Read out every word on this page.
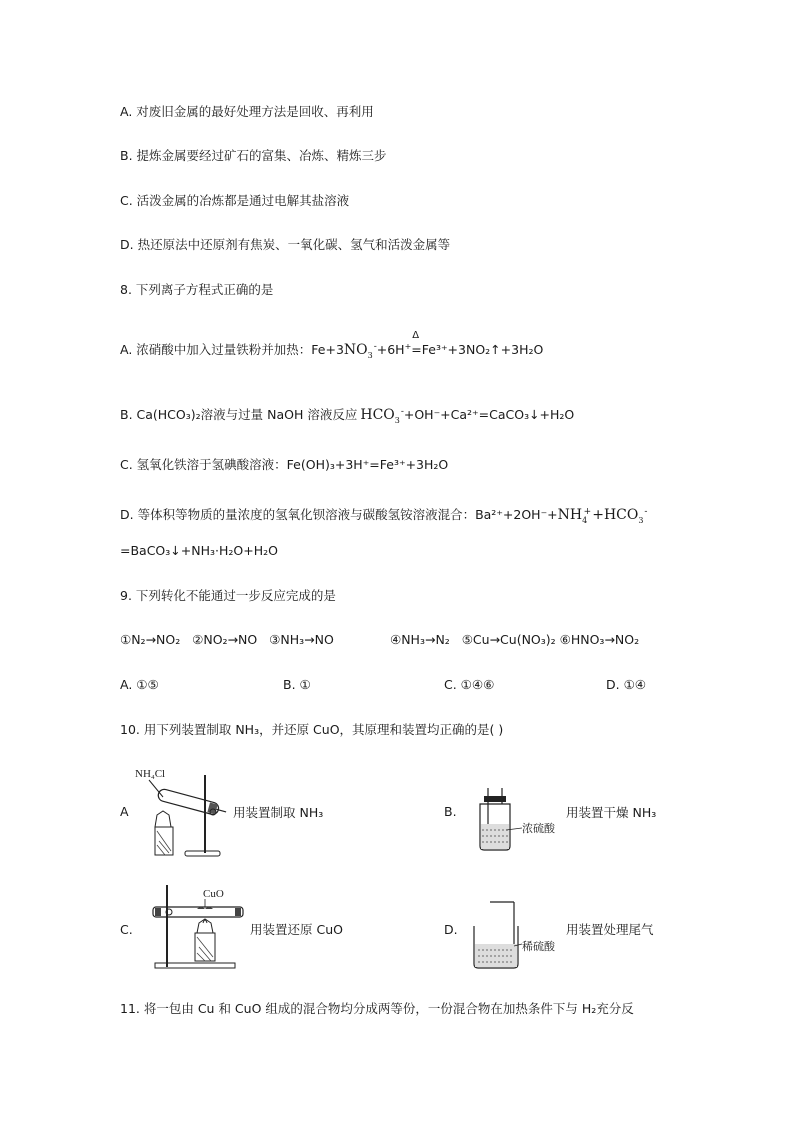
A. 对废旧金属的最好处理方法是回收、再利用
B. 提炼金属要经过矿石的富集、冶炼、精炼三步
C. 活泼金属的冶炼都是通过电解其盐溶液
D. 热还原法中还原剂有焦炭、一氧化碳、氢气和活泼金属等
8. 下列离子方程式正确的是
A. 浓硝酸中加入过量铁粉并加热：$Fe+3NO_3$
- +6H+
Δ
=Fe³⁺+3NO₂↑+3H₂O
B. Ca(HCO₃)₂溶液与过量 NaOH 溶液反应 $HCO_3$
- +OH⁻+Ca²⁺=CaCO₃↓+H₂O
C. 氢氧化铁溶于氢碘酸溶液：Fe(OH)₃+3H⁺=Fe³⁺+3H₂O
D. 等体积等物质的量浓度的氢氧化钡溶液与碳酸氢铵溶液混合：$Ba^{2+}+2OH^-+NH_4$
+ $+HCO_3$
-
=BaCO₃↓+NH₃·H₂O+H₂O
9. 下列转化不能通过一步反应完成的是
①N₂→NO₂   ②NO₂→NO   ③NH₃→NO	④NH₃→N₂   ⑤Cu→Cu(NO₃)₂ ⑥HNO₃→NO₂
A. ①⑤	B. ①	C. ①④⑥	D. ①④
10. 用下列装置制取 NH₃，并还原 CuO，其原理和装置均正确的是( )
A
NH₄Cl
用装置制取 NH₃	B.
浓硫酸
用装置干燥 NH₃
C.
CuO
用装置还原 CuO	D.
稀硫酸
用装置处理尾气
11. 将一包由 Cu 和 CuO 组成的混合物均分成两等份，一份混合物在加热条件下与 H₂充分反
